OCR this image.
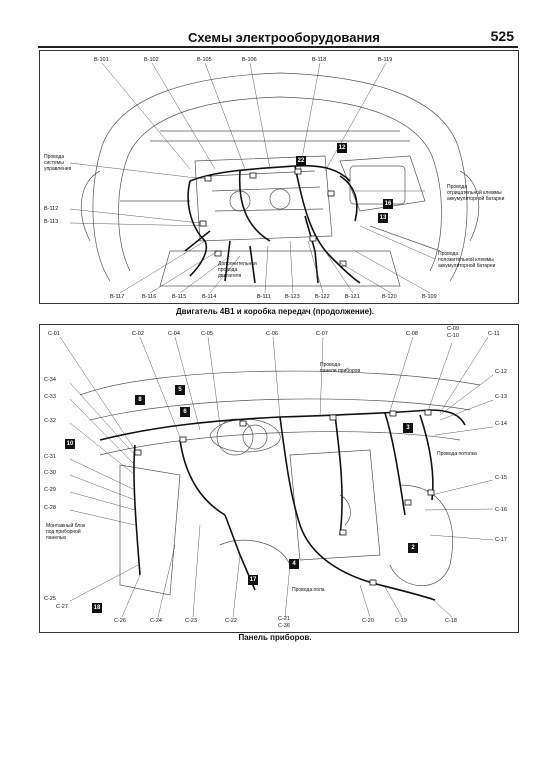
Схемы электрооборудования	525
B-101	B-102	B-105	B-106	B-118	B-119
B-112
B-113
B-117	B-116	B-115	B-114	B-111	B-123	B-122	B-121	B-120	B-109
Провода
системы
управления
Провода
отрицательной клеммы
аккумуляторной батареи
Провода
положительной клеммы
аккумуляторной батареи
Дополнительная
провода
двигателя
12
22
16
13
Двигатель 4B1 и коробка передач (продолжение).
C-01	C-02	C-04	C-05	C-06	C-07	C-08
C-09
C-10	C-11
C-34
C-33
C-32
C-31
C-30
C-29
C-28
C-25
C-27
C-12
C-13
C-14
C-15
C-16
C-17
C-26	C-24	C-23	C-22	C-21
C-36
C-20	C-19	C-18
Провода
панели приборов
Провода потолка
Провода пола
Монтажный блок
под приборной
панелью
8
5
6
3
10
2
4
17
18
Панель приборов.
